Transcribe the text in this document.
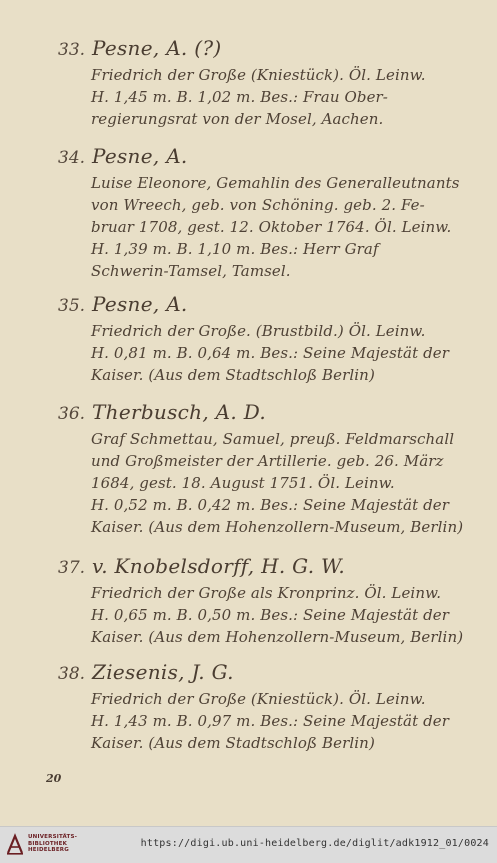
33. Pesne, A. (?)
Friedrich der Große (Kniestück). Öl. Leinw.
H. 1,45 m. B. 1,02 m. Bes.: Frau Ober-
regierungsrat von der Mosel, Aachen.
34. Pesne, A.
Luise Eleonore, Gemahlin des Generalleutnants
von Wreech, geb. von Schöning. geb. 2. Fe-
bruar 1708, gest. 12. Oktober 1764. Öl. Leinw.
H. 1,39 m. B. 1,10 m. Bes.: Herr Graf
Schwerin-Tamsel, Tamsel.
35. Pesne, A.
Friedrich der Große. (Brustbild.) Öl. Leinw.
H. 0,81 m. B. 0,64 m. Bes.: Seine Majestät der
Kaiser. (Aus dem Stadtschloß Berlin)
36. Therbusch, A. D.
Graf Schmettau, Samuel, preuß. Feldmarschall
und Großmeister der Artillerie. geb. 26. März
1684, gest. 18. August 1751. Öl. Leinw.
H. 0,52 m. B. 0,42 m. Bes.: Seine Majestät der
Kaiser. (Aus dem Hohenzollern-Museum, Berlin)
37. v. Knobelsdorff, H. G. W.
Friedrich der Große als Kronprinz. Öl. Leinw.
H. 0,65 m. B. 0,50 m. Bes.: Seine Majestät der
Kaiser. (Aus dem Hohenzollern-Museum, Berlin)
38. Ziesenis, J. G.
Friedrich der Große (Kniestück). Öl. Leinw.
H. 1,43 m. B. 0,97 m. Bes.: Seine Majestät der
Kaiser. (Aus dem Stadtschloß Berlin)
20
UNIVERSITÄTS-
BIBLIOTHEK
HEIDELBERG
https://digi.ub.uni-heidelberg.de/diglit/adk1912_01/0024
